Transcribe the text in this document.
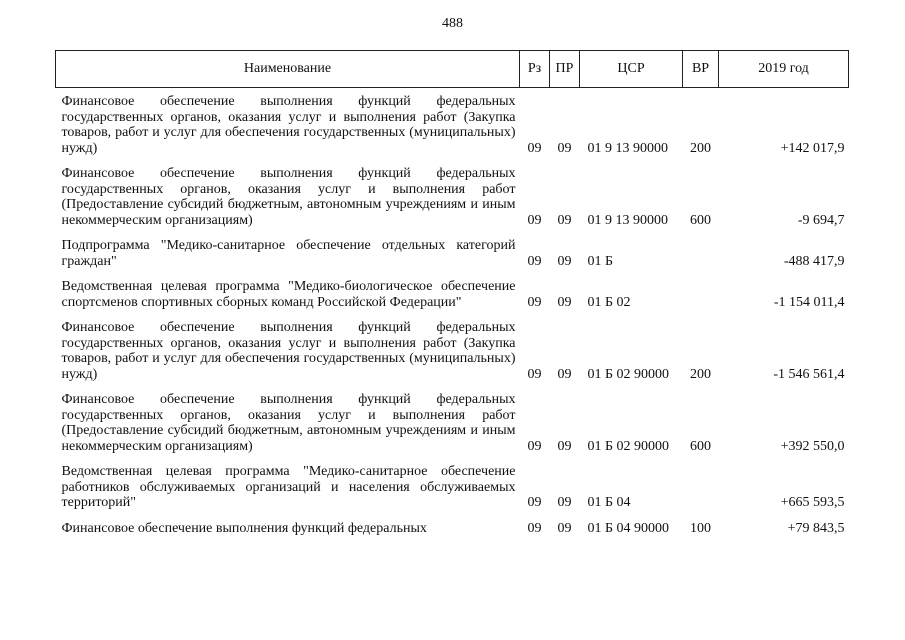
488
Наименование	Рз	ПР	ЦСР	ВР	2019 год
Финансовое обеспечение выполнения функций федеральных государственных органов, оказания услуг и выполнения работ (Закупка товаров, работ и услуг для обеспечения государственных (муниципальных) нужд)	09	09	01 9 13 90000	200	+142 017,9
Финансовое обеспечение выполнения функций федеральных государственных органов, оказания услуг и выполнения работ (Предоставление субсидий бюджетным, автономным учреждениям и иным некоммерческим организациям)	09	09	01 9 13 90000	600	-9 694,7
Подпрограмма "Медико-санитарное обеспечение отдельных категорий граждан"	09	09	01 Б		-488 417,9
Ведомственная целевая программа "Медико-биологическое обеспечение спортсменов спортивных сборных команд Российской Федерации"	09	09	01 Б 02		-1 154 011,4
Финансовое обеспечение выполнения функций федеральных государственных органов, оказания услуг и выполнения работ (Закупка товаров, работ и услуг для обеспечения государственных (муниципальных) нужд)	09	09	01 Б 02 90000	200	-1 546 561,4
Финансовое обеспечение выполнения функций федеральных государственных органов, оказания услуг и выполнения работ (Предоставление субсидий бюджетным, автономным учреждениям и иным некоммерческим организациям)	09	09	01 Б 02 90000	600	+392 550,0
Ведомственная целевая программа "Медико-санитарное обеспечение работников обслуживаемых организаций и населения обслуживаемых территорий"	09	09	01 Б 04		+665 593,5
Финансовое обеспечение выполнения функций федеральных	09	09	01 Б 04 90000	100	+79 843,5
